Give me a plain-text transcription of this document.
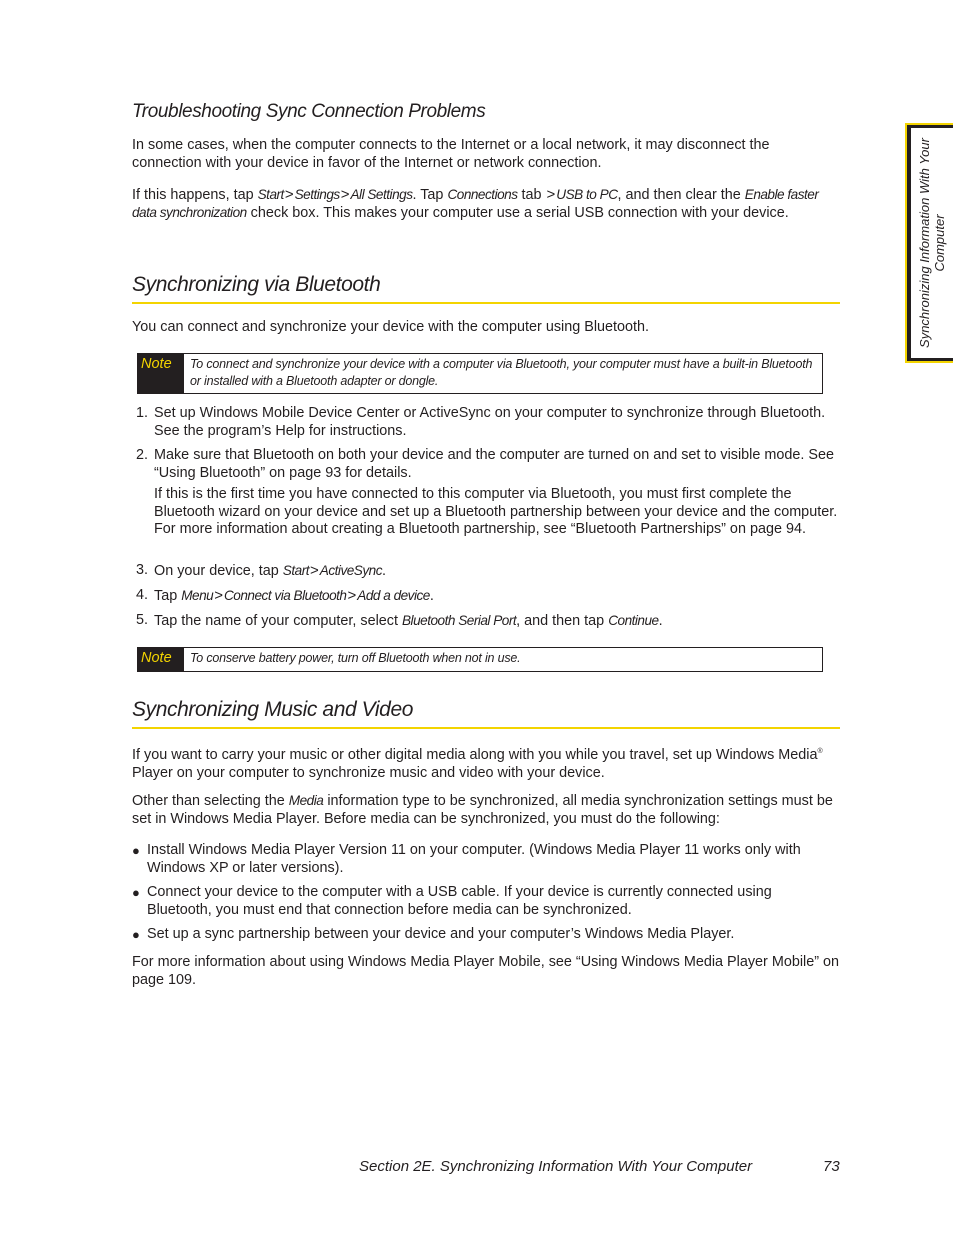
Synchronizing Information With Your Computer
Troubleshooting Sync Connection Problems

In some cases, when the computer connects to the Internet or a local network, it may disconnect the connection with your device in favor of the Internet or network connection.

If this happens, tap Start>Settings>All Settings. Tap Connections tab >USB to PC, and then clear the Enable faster data synchronization check box. This makes your computer use a serial USB connection with your device.

Synchronizing via Bluetooth

You can connect and synchronize your device with the computer using Bluetooth.

Note	To connect and synchronize your device with a computer via Bluetooth, your computer must have a built-in Bluetooth or installed with a Bluetooth adapter or dongle.
1. Set up Windows Mobile Device Center or ActiveSync on your computer to synchronize through Bluetooth. See the program’s Help for instructions.
2. Make sure that Bluetooth on both your device and the computer are turned on and set to visible mode. See “Using Bluetooth” on page 93 for details.
If this is the first time you have connected to this computer via Bluetooth, you must first complete the Bluetooth wizard on your device and set up a Bluetooth partnership between your device and the computer. For more information about creating a Bluetooth partnership, see “Bluetooth Partnerships” on page 94.
3. On your device, tap Start>ActiveSync.
4. Tap Menu>Connect via Bluetooth>Add a device.
5. Tap the name of your computer, select Bluetooth Serial Port, and then tap Continue.
Note	To conserve battery power, turn off Bluetooth when not in use.
Synchronizing Music and Video

If you want to carry your music or other digital media along with you while you travel, set up Windows Media® Player on your computer to synchronize music and video with your device.

Other than selecting the Media information type to be synchronized, all media synchronization settings must be set in Windows Media Player. Before media can be synchronized, you must do the following:

● Install Windows Media Player Version 11 on your computer. (Windows Media Player 11 works only with Windows XP or later versions).
● Connect your device to the computer with a USB cable. If your device is currently connected using Bluetooth, you must end that connection before media can be synchronized.
● Set up a sync partnership between your device and your computer’s Windows Media Player.

For more information about using Windows Media Player Mobile, see “Using Windows Media Player Mobile” on page 109.

Section 2E. Synchronizing Information With Your Computer	73
